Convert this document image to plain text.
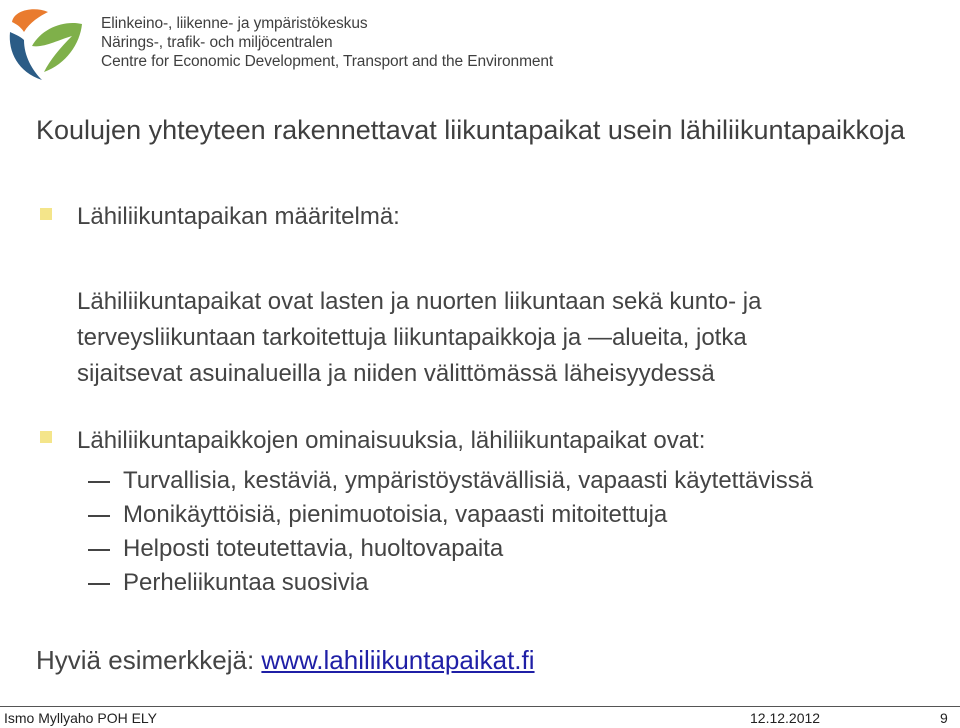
Elinkeino-, liikenne- ja ympäristökeskus
Närings-, trafik- och miljöcentralen
Centre for Economic Development, Transport and the Environment
Koulujen yhteyteen rakennettavat liikuntapaikat usein lähiliikuntapaikkoja
Lähiliikuntapaikan määritelmä:
Lähiliikuntapaikat ovat lasten ja nuorten liikuntaan sekä kunto- ja
terveysliikuntaan tarkoitettuja liikuntapaikkoja ja —alueita, jotka
sijaitsevat asuinalueilla ja niiden välittömässä läheisyydessä
Lähiliikuntapaikkojen ominaisuuksia, lähiliikuntapaikat ovat:
Turvallisia, kestäviä, ympäristöystävällisiä, vapaasti käytettävissä
Monikäyttöisiä, pienimuotoisia, vapaasti mitoitettuja
Helposti toteutettavia, huoltovapaita
Perheliikuntaa suosivia
Hyviä esimerkkejä: www.lahiliikuntapaikat.fi
Ismo Myllyaho POH ELY	12.12.2012	9
